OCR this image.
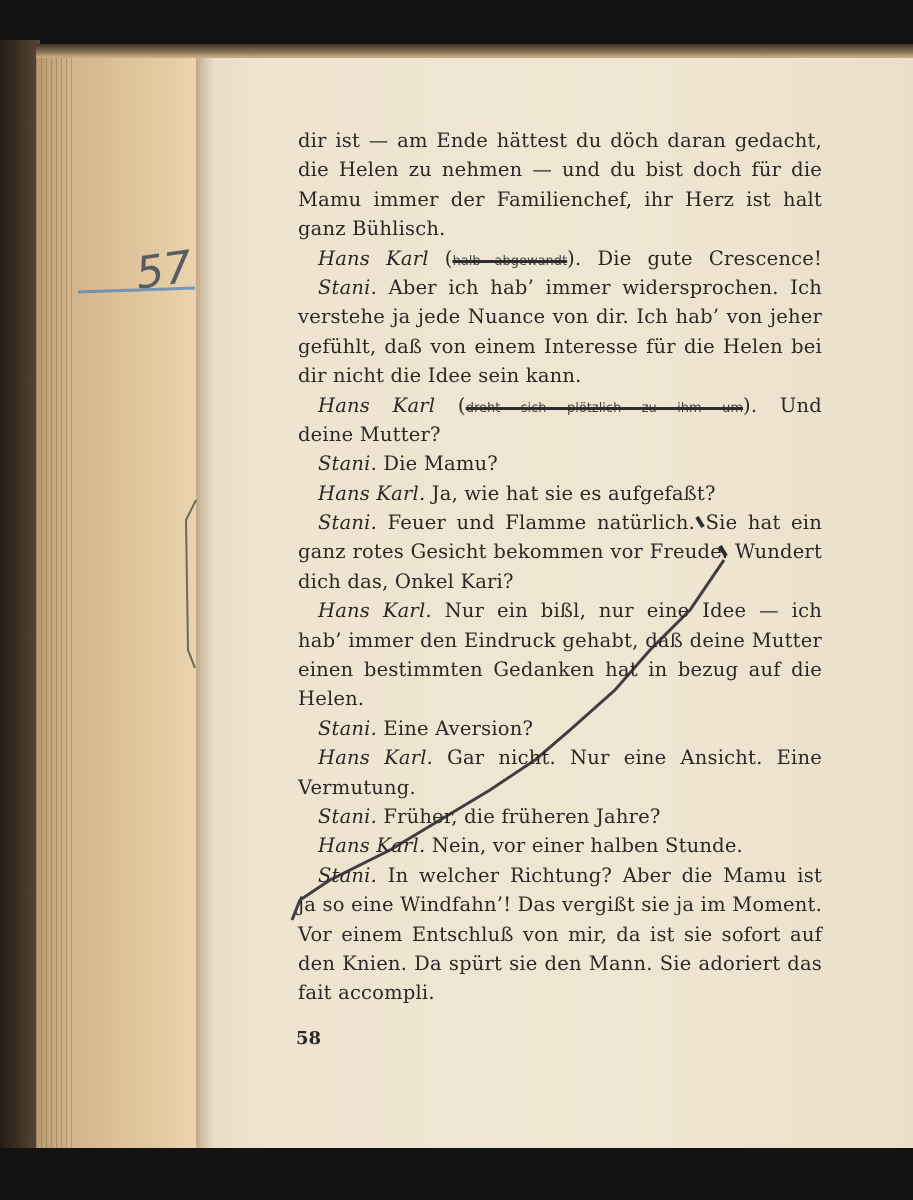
57
dir ist — am Ende hättest du döch daran gedacht,
die Helen zu nehmen — und du bist doch für die
Mamu immer der Familienchef, ihr Herz ist halt
ganz Bühlisch.
Hans Karl (halb abgewandt). Die gute Crescence!
Stani. Aber ich hab’ immer widersprochen. Ich
verstehe ja jede Nuance von dir. Ich hab’ von jeher
gefühlt, daß von einem Interesse für die Helen bei
dir nicht die Idee sein kann.
Hans Karl (dreht sich plötzlich zu ihm um). Und
deine Mutter?
Stani. Die Mamu?
Hans Karl. Ja, wie hat sie es aufgefaßt?
Stani. Feuer und Flamme natürlich. Sie hat ein
ganz rotes Gesicht bekommen vor Freude. Wundert
dich das, Onkel Kari?
Hans Karl. Nur ein bißl, nur eine Idee — ich
hab’ immer den Eindruck gehabt, daß deine Mutter
einen bestimmten Gedanken hat in bezug auf die
Helen.
Stani. Eine Aversion?
Hans Karl. Gar nicht. Nur eine Ansicht. Eine
Vermutung.
Stani. Früher, die früheren Jahre?
Hans Karl. Nein, vor einer halben Stunde.
Stani. In welcher Richtung? Aber die Mamu ist
ja so eine Windfahn’! Das vergißt sie ja im Moment.
Vor einem Entschluß von mir, da ist sie sofort auf
den Knien. Da spürt sie den Mann. Sie adoriert das
fait accompli.
58
